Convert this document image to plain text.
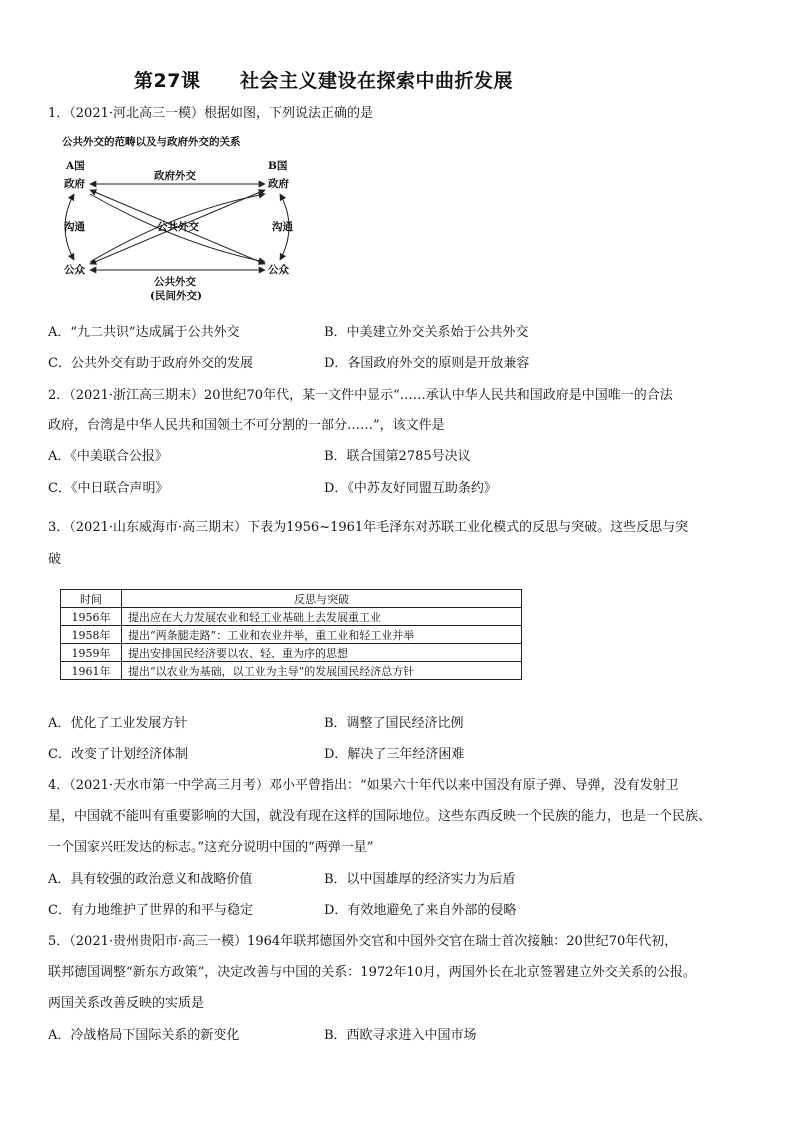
第27课 社会主义建设在探索中曲折发展
1．（2021·河北高三一模）根据如图，下列说法正确的是
公共外交的范畴以及与政府外交的关系
A国	B国
政府	政府
政府外交
沟通	沟通
公共外交
公众	公众
公共外交
(民间外交)
A．“九二共识”达成属于公共外交	B．中美建立外交关系始于公共外交
C．公共外交有助于政府外交的发展	D．各国政府外交的原则是开放兼容
2．（2021·浙江高三期末）20世纪70年代，某一文件中显示“……承认中华人民共和国政府是中国唯一的合法
政府，台湾是中华人民共和国领土不可分割的一部分……”，该文件是
A．《中美联合公报》	B．联合国第2785号决议
C．《中日联合声明》	D．《中苏友好同盟互助条约》
3．（2021·山东威海市·高三期末）下表为1956~1961年毛泽东对苏联工业化模式的反思与突破。这些反思与突
破
时间	反思与突破
1956年	提出应在大力发展农业和轻工业基础上去发展重工业
1958年	提出“两条腿走路”：工业和农业并举，重工业和轻工业并举
1959年	提出安排国民经济要以农、轻、重为序的思想
1961年	提出“以农业为基础，以工业为主导”的发展国民经济总方针
A．优化了工业发展方针	B．调整了国民经济比例
C．改变了计划经济体制	D．解决了三年经济困难
4．（2021·天水市第一中学高三月考）邓小平曾指出：“如果六十年代以来中国没有原子弹、导弹，没有发射卫
星，中国就不能叫有重要影响的大国，就没有现在这样的国际地位。这些东西反映一个民族的能力，也是一个民族、
一个国家兴旺发达的标志。”这充分说明中国的“两弹一星”
A．具有较强的政治意义和战略价值	B．以中国雄厚的经济实力为后盾
C．有力地维护了世界的和平与稳定	D．有效地避免了来自外部的侵略
5．（2021·贵州贵阳市·高三一模）1964年联邦德国外交官和中国外交官在瑞士首次接触：20世纪70年代初，
联邦德国调整“新东方政策”，决定改善与中国的关系：1972年10月，两国外长在北京签署建立外交关系的公报。
两国关系改善反映的实质是
A．冷战格局下国际关系的新变化	B．西欧寻求进入中国市场
